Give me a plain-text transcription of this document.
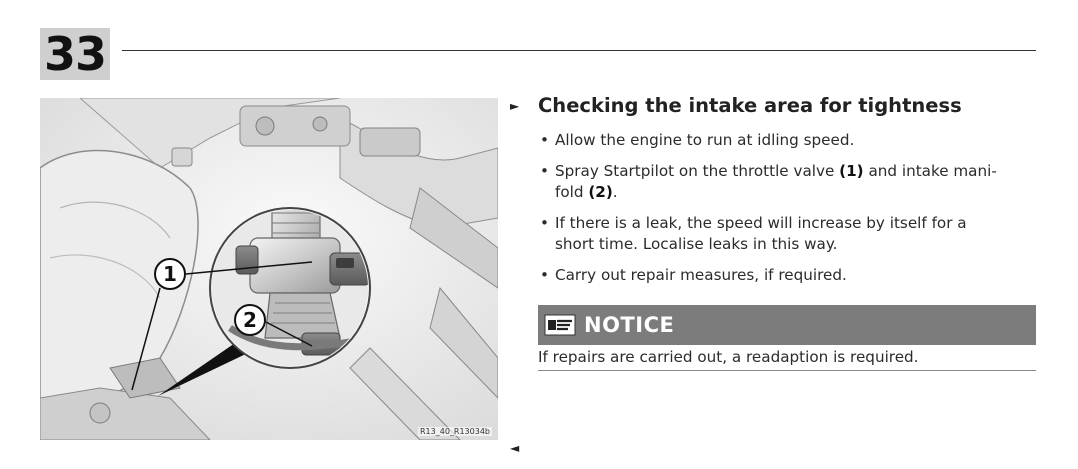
33
1
2
R13_40_R13034b
► Checking the intake area for tightness
• Allow the engine to run at idling speed.
• Spray Startpilot on the throttle valve (1) and intake mani-
fold (2).
• If there is a leak, the speed will increase by itself for a
short time. Localise leaks in this way.
• Carry out repair measures, if required.
NOTICE
If repairs are carried out, a readaption is required.
◄
